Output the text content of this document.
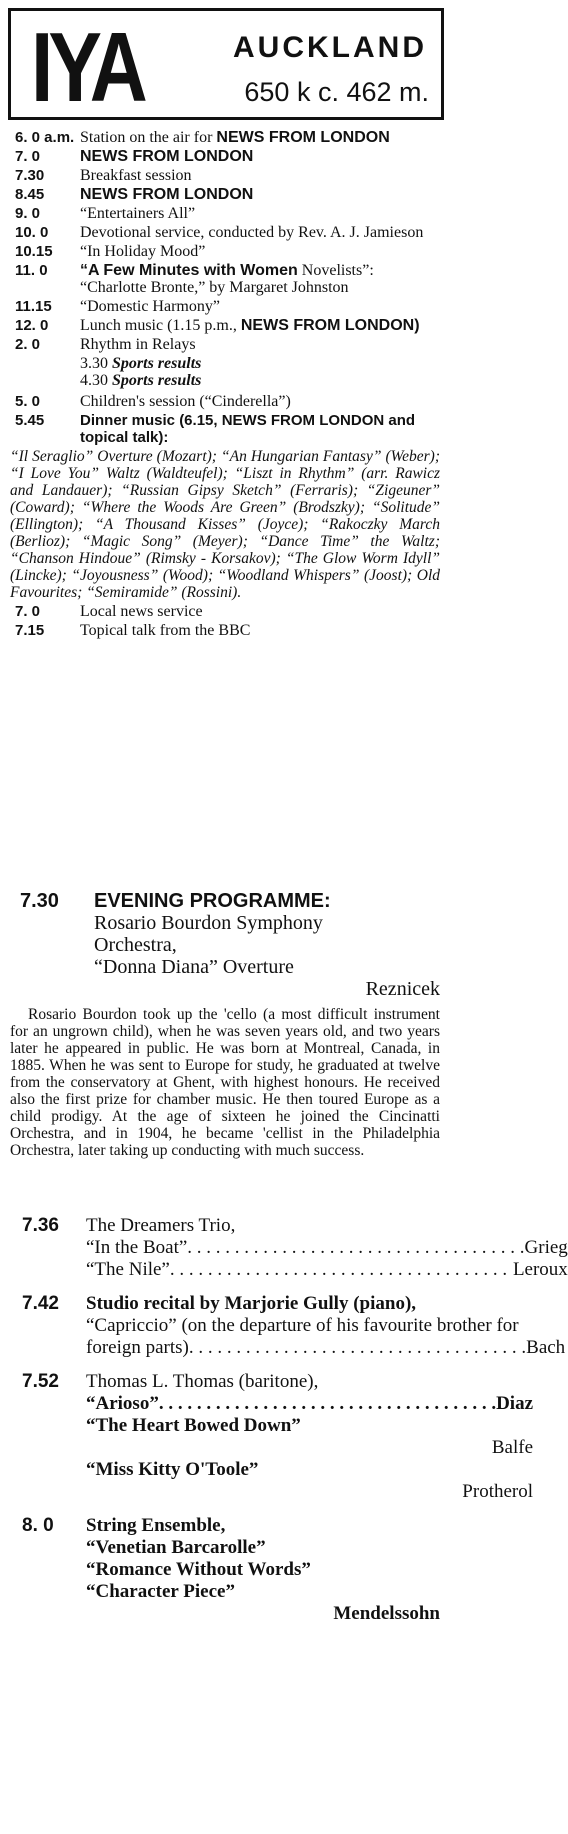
IYA	AUCKLAND
650 k c. 462 m.
6. 0 a.m. Station on the air for NEWS FROM LONDON
7. 0	NEWS FROM LONDON
7.30	Breakfast session
8.45	NEWS FROM LONDON
9. 0	“Entertainers All”
10. 0	Devotional service, conducted by Rev. A. J. Jamieson
10.15	“In Holiday Mood”
11. 0	“A Few Minutes with Women Novelists”: “Charlotte Bronte,” by Margaret Johnston
11.15	“Domestic Harmony”
12. 0	Lunch music (1.15 p.m., NEWS FROM LONDON)
2. 0	Rhythm in Relays
3.30 Sports results
4.30 Sports results
5. 0	Children's session (“Cinderella”)
5.45	Dinner music (6.15, NEWS FROM LONDON and topical talk):
“Il Seraglio” Overture (Mozart); “An Hungarian Fantasy” (Weber); “I Love You” Waltz (Waldteufel); “Liszt in Rhythm” (arr. Rawicz and Landauer); “Russian Gipsy Sketch” (Ferraris); “Zigeuner” (Coward); “Where the Woods Are Green” (Brodszky); “Solitude” (Ellington); “A Thousand Kisses” (Joyce); “Rakoczky March (Berlioz); “Magic Song” (Meyer); “Dance Time” the Waltz; “Chanson Hindoue” (Rimsky - Korsakov); “The Glow Worm Idyll” (Lincke); “Joyousness” (Wood); “Woodland Whispers” (Joost); Old Favourites; “Semiramide” (Rossini).
7. 0	Local news service
7.15	Topical talk from the BBC
7.30	EVENING PROGRAMME:
Rosario Bourdon Symphony
Orchestra,
“Donna Diana” Overture
Reznicek
Rosario Bourdon took up the 'cello (a most difficult instrument for an ungrown child), when he was seven years old, and two years later he appeared in public. He was born at Montreal, Canada, in 1885. When he was sent to Europe for study, he graduated at twelve from the conservatory at Ghent, with highest honours. He received also the first prize for chamber music. He then toured Europe as a child prodigy. At the age of sixteen he joined the Cincinatti Orchestra, and in 1904, he became 'cellist in the Philadelphia Orchestra, later taking up conducting with much success.
7.36	The Dreamers Trio,
“In the Boat” . . .	Grieg
“The Nile” . . .	Leroux
7.42	Studio recital by Marjorie Gully (piano),
“Capriccio” (on the departure of his favourite brother for
foreign parts) . . .	Bach
7.52	Thomas L. Thomas (baritone),
“Arioso” . . .	Diaz
“The Heart Bowed Down”
Balfe
“Miss Kitty O'Toole”
Protherol
8. 0	String Ensemble,
“Venetian Barcarolle”
“Romance Without Words”
“Character Piece”
Mendelssohn
